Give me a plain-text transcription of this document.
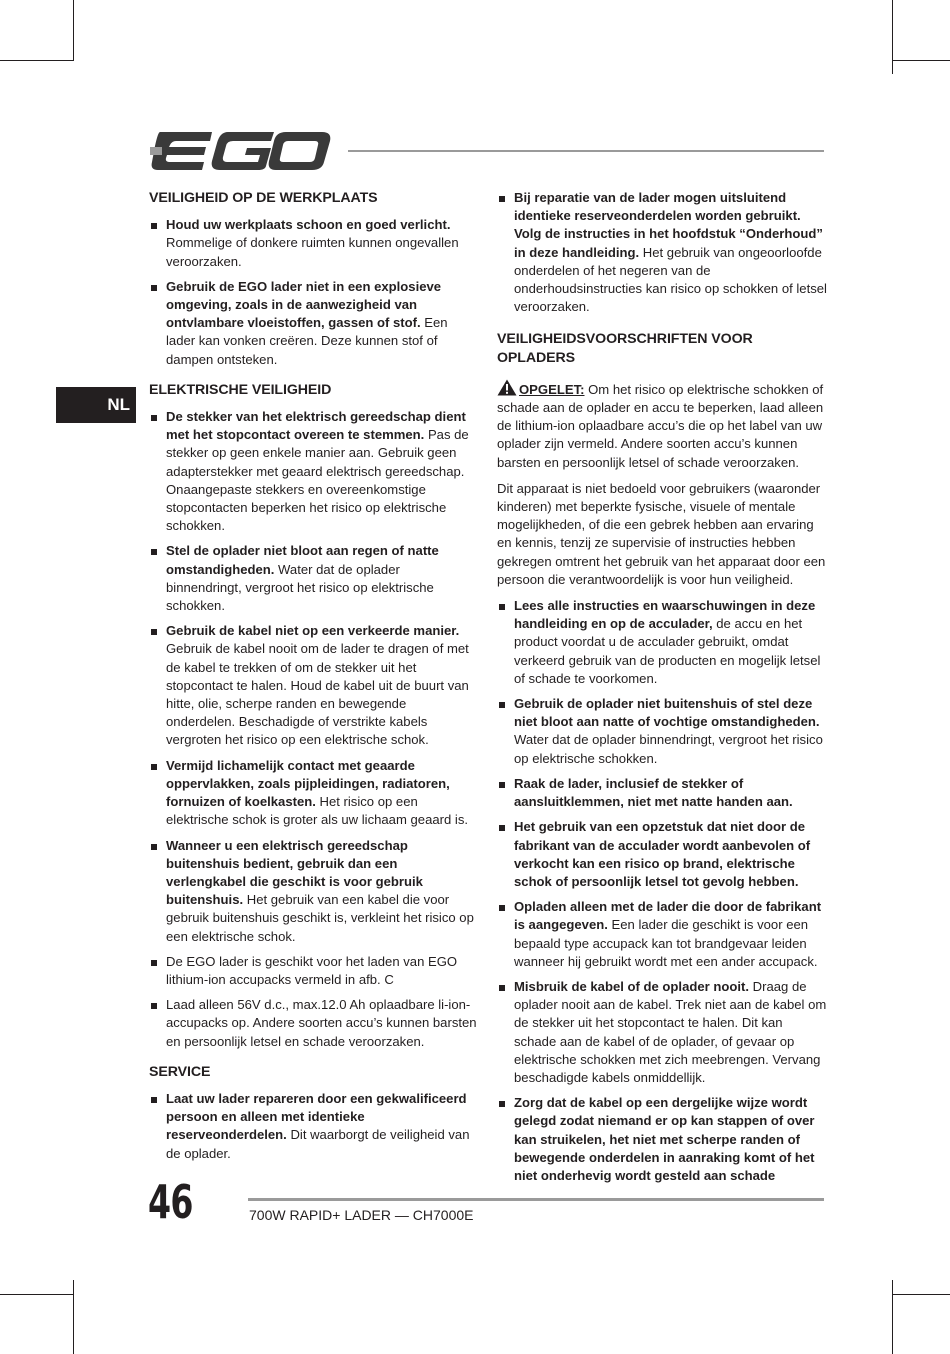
NL
VEILIGHEID OP DE WERKPLAATS
Houd uw werkplaats schoon en goed verlicht. Rommelige of donkere ruimten kunnen ongevallen veroorzaken.
Gebruik de EGO lader niet in een explosieve omgeving, zoals in de aanwezigheid van ontvlambare vloeistoffen, gassen of stof. Een lader kan vonken creëren. Deze kunnen stof of dampen ontsteken.
ELEKTRISCHE VEILIGHEID
De stekker van het elektrisch gereedschap dient met het stopcontact overeen te stemmen. Pas de stekker op geen enkele manier aan. Gebruik geen adapterstekker met geaard elektrisch gereedschap. Onaangepaste stekkers en overeenkomstige stopcontacten beperken het risico op elektrische schokken.
Stel de oplader niet bloot aan regen of natte omstandigheden. Water dat de oplader binnendringt, vergroot het risico op elektrische schokken.
Gebruik de kabel niet op een verkeerde manier. Gebruik de kabel nooit om de lader te dragen of met de kabel te trekken of om de stekker uit het stopcontact te halen. Houd de kabel uit de buurt van hitte, olie, scherpe randen en bewegende onderdelen. Beschadigde of verstrikte kabels vergroten het risico op een elektrische schok.
Vermijd lichamelijk contact met geaarde oppervlakken, zoals pijpleidingen, radiatoren, fornuizen of koelkasten. Het risico op een elektrische schok is groter als uw lichaam geaard is.
Wanneer u een elektrisch gereedschap buitenshuis bedient, gebruik dan een verlengkabel die geschikt is voor gebruik buitenshuis. Het gebruik van een kabel die voor gebruik buitenshuis geschikt is, verkleint het risico op een elektrische schok.
De EGO lader is geschikt voor het laden van EGO lithium-ion accupacks vermeld in afb. C
Laad alleen 56V d.c., max.12.0 Ah oplaadbare li-ion-accupacks op. Andere soorten accu’s kunnen barsten en persoonlijk letsel en schade veroorzaken.
SERVICE
Laat uw lader repareren door een gekwalificeerd persoon en alleen met identieke reserveonderdelen. Dit waarborgt de veiligheid van de oplader.
Bij reparatie van de lader mogen uitsluitend identieke reserveonderdelen worden gebruikt. Volg de instructies in het hoofdstuk “Onderhoud” in deze handleiding. Het gebruik van ongeoorloofde onderdelen of het negeren van de onderhoudsinstructies kan risico op schokken of letsel veroorzaken.
VEILIGHEIDSVOORSCHRIFTEN VOOR OPLADERS

OPGELET: Om het risico op elektrische schokken of schade aan de oplader en accu te beperken, laad alleen de lithium-ion oplaadbare accu’s die op het label van uw oplader zijn vermeld. Andere soorten accu’s kunnen barsten en persoonlijk letsel of schade veroorzaken.

Dit apparaat is niet bedoeld voor gebruikers (waaronder kinderen) met beperkte fysische, visuele of mentale mogelijkheden, of die een gebrek hebben aan ervaring en kennis, tenzij ze supervisie of instructies hebben gekregen omtrent het gebruik van het apparaat door een persoon die verantwoordelijk is voor hun veiligheid.

Lees alle instructies en waarschuwingen in deze handleiding en op de acculader, de accu en het product voordat u de acculader gebruikt, omdat verkeerd gebruik van de producten en mogelijk letsel of schade te voorkomen.
Gebruik de oplader niet buitenshuis of stel deze niet bloot aan natte of vochtige omstandigheden. Water dat de oplader binnendringt, vergroot het risico op elektrische schokken.
Raak de lader, inclusief de stekker of aansluitklemmen, niet met natte handen aan.
Het gebruik van een opzetstuk dat niet door de fabrikant van de acculader wordt aanbevolen of verkocht kan een risico op brand, elektrische schok of persoonlijk letsel tot gevolg hebben.
Opladen alleen met de lader die door de fabrikant is aangegeven. Een lader die geschikt is voor een bepaald type accupack kan tot brandgevaar leiden wanneer hij gebruikt wordt met een ander accupack.
Misbruik de kabel of de oplader nooit. Draag de oplader nooit aan de kabel. Trek niet aan de kabel om de stekker uit het stopcontact te halen. Dit kan schade aan de kabel of de oplader, of gevaar op elektrische schokken met zich meebrengen. Vervang beschadigde kabels onmiddellijk.
Zorg dat de kabel op een dergelijke wijze wordt gelegd zodat niemand er op kan stappen of over kan struikelen, het niet met scherpe randen of bewegende onderdelen in aanraking komt of het niet onderhevig wordt gesteld aan schade
46	700W RAPID+ LADER — CH7000E
